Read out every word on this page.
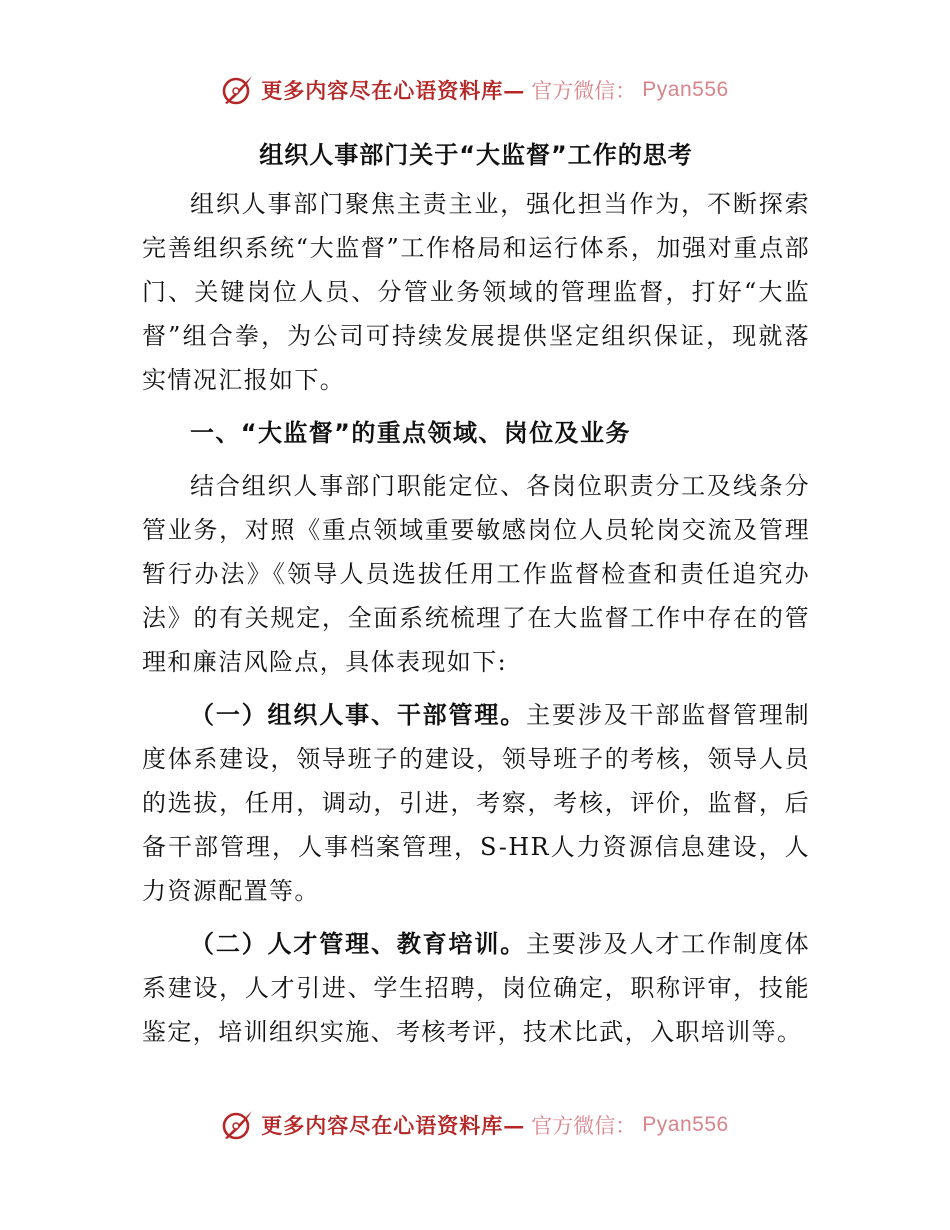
更多内容尽在心语资料库— 官方微信： Pyan556
组织人事部门关于“大监督”工作的思考
组织人事部门聚焦主责主业，强化担当作为，不断探索完善组织系统“大监督”工作格局和运行体系，加强对重点部门、关键岗位人员、分管业务领域的管理监督，打好“大监督”组合拳，为公司可持续发展提供坚定组织保证，现就落实情况汇报如下。
一、“大监督”的重点领域、岗位及业务
结合组织人事部门职能定位、各岗位职责分工及线条分管业务，对照《重点领域重要敏感岗位人员轮岗交流及管理暂行办法》《领导人员选拔任用工作监督检查和责任追究办法》的有关规定，全面系统梳理了在大监督工作中存在的管理和廉洁风险点，具体表现如下:
（一）组织人事、干部管理。主要涉及干部监督管理制度体系建设，领导班子的建设，领导班子的考核，领导人员的选拔，任用，调动，引进，考察，考核，评价，监督，后备干部管理，人事档案管理，S-HR人力资源信息建设，人力资源配置等。
（二）人才管理、教育培训。主要涉及人才工作制度体系建设，人才引进、学生招聘，岗位确定，职称评审，技能鉴定，培训组织实施、考核考评，技术比武，入职培训等。
更多内容尽在心语资料库— 官方微信： Pyan556
